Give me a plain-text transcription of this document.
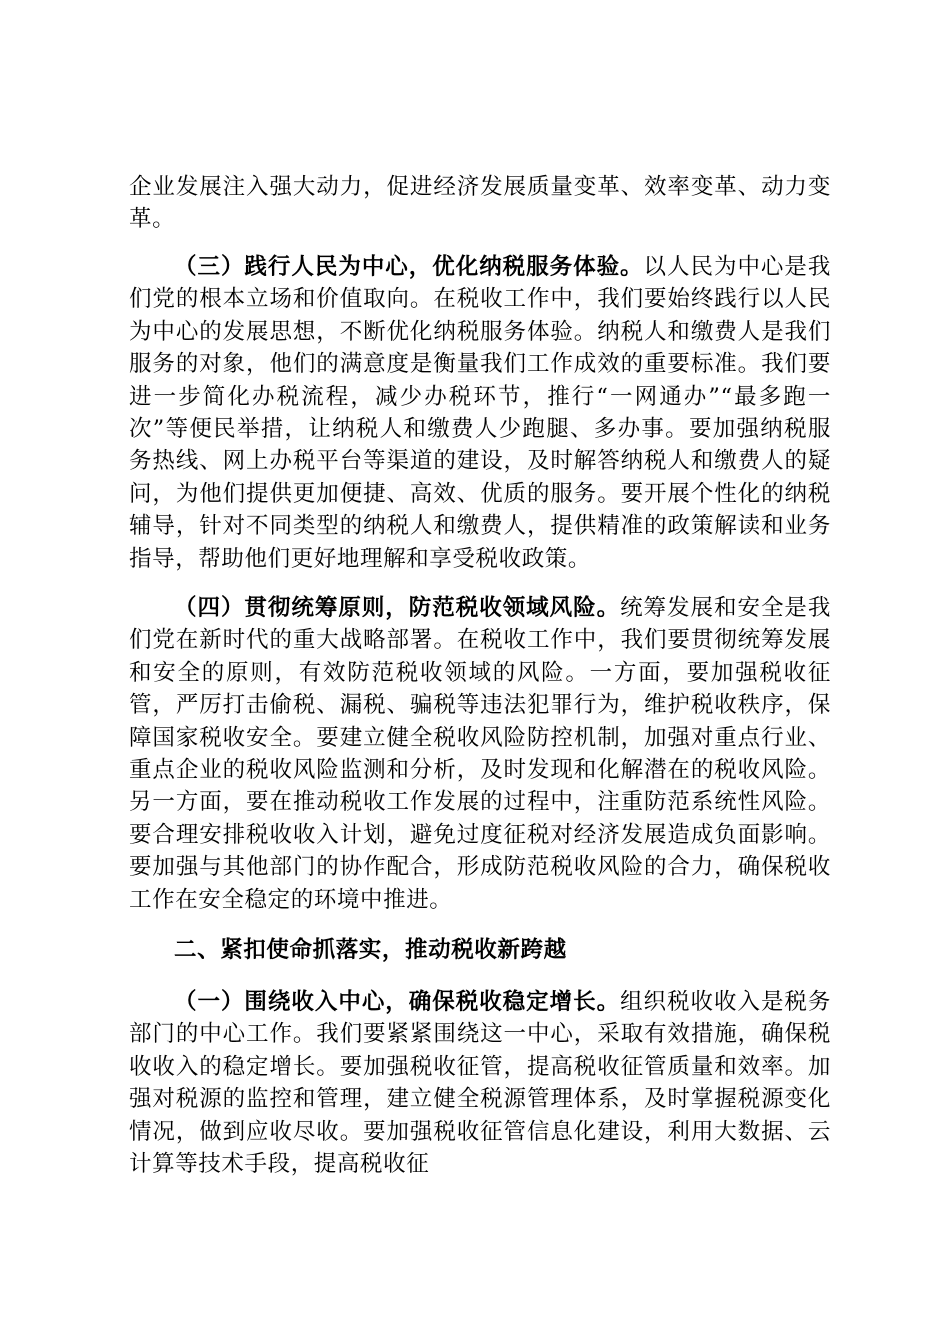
企业发展注入强大动力，促进经济发展质量变革、效率变革、动力变革。

（三）践行人民为中心，优化纳税服务体验。以人民为中心是我们党的根本立场和价值取向。在税收工作中，我们要始终践行以人民为中心的发展思想，不断优化纳税服务体验。纳税人和缴费人是我们服务的对象，他们的满意度是衡量我们工作成效的重要标准。我们要进一步简化办税流程，减少办税环节，推行“一网通办”“最多跑一次”等便民举措，让纳税人和缴费人少跑腿、多办事。要加强纳税服务热线、网上办税平台等渠道的建设，及时解答纳税人和缴费人的疑问，为他们提供更加便捷、高效、优质的服务。要开展个性化的纳税辅导，针对不同类型的纳税人和缴费人，提供精准的政策解读和业务指导，帮助他们更好地理解和享受税收政策。

（四）贯彻统筹原则，防范税收领域风险。统筹发展和安全是我们党在新时代的重大战略部署。在税收工作中，我们要贯彻统筹发展和安全的原则，有效防范税收领域的风险。一方面，要加强税收征管，严厉打击偷税、漏税、骗税等违法犯罪行为，维护税收秩序，保障国家税收安全。要建立健全税收风险防控机制，加强对重点行业、重点企业的税收风险监测和分析，及时发现和化解潜在的税收风险。另一方面，要在推动税收工作发展的过程中，注重防范系统性风险。要合理安排税收收入计划，避免过度征税对经济发展造成负面影响。要加强与其他部门的协作配合，形成防范税收风险的合力，确保税收工作在安全稳定的环境中推进。

二、紧扣使命抓落实，推动税收新跨越

（一）围绕收入中心，确保税收稳定增长。组织税收收入是税务部门的中心工作。我们要紧紧围绕这一中心，采取有效措施，确保税收收入的稳定增长。要加强税收征管，提高税收征管质量和效率。加强对税源的监控和管理，建立健全税源管理体系，及时掌握税源变化情况，做到应收尽收。要加强税收征管信息化建设，利用大数据、云计算等技术手段，提高税收征
